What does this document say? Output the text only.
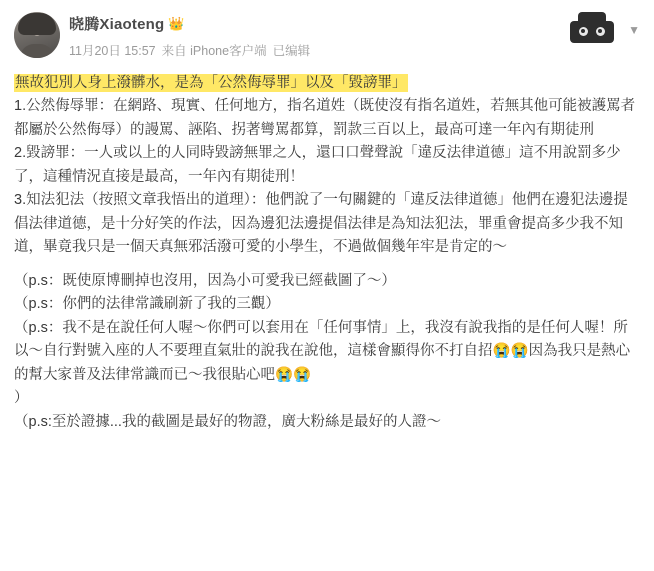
晓腾Xiaoteng 👑
11月20日 15:57 来自 iPhone客户端 已编辑
▼

無故犯別人身上潑髒水，是為「公然侮辱罪」以及「毀謗罪」

1.公然侮辱罪：在網路、現實、任何地方，指名道姓（既使沒有指名道姓，若無其他可能被護罵者都屬於公然侮辱）的謾罵、誣陷、拐著彎罵都算，罰款三百以上，最高可達一年內有期徒刑

2.毀謗罪：一人或以上的人同時毀謗無罪之人，還口口聲聲說「違反法律道德」這不用說罰多少了，這種情況直接是最高，一年內有期徒刑！

3.知法犯法（按照文章我悟出的道理）：他們說了一句關鍵的「違反法律道德」他們在邊犯法邊提倡法律道德，是十分好笑的作法，因為邊犯法邊提倡法律是為知法犯法，罪重會提高多少我不知道，畢竟我只是一個天真無邪活潑可愛的小學生，不過做個幾年牢是肯定的～

（p.s：既使原博刪掉也沒用，因為小可愛我已經截圖了～）

（p.s：你們的法律常識刷新了我的三觀）

（p.s：我不是在說任何人喔～你們可以套用在「任何事情」上，我沒有說我指的是任何人喔！所以～自行對號入座的人不要理直氣壯的說我在說他，這樣會顯得你不打自招😭😭因為我只是熱心的幫大家普及法律常識而已～我很貼心吧😭😭

）

（p.s:至於證據...我的截圖是最好的物證，廣大粉絲是最好的人證～
